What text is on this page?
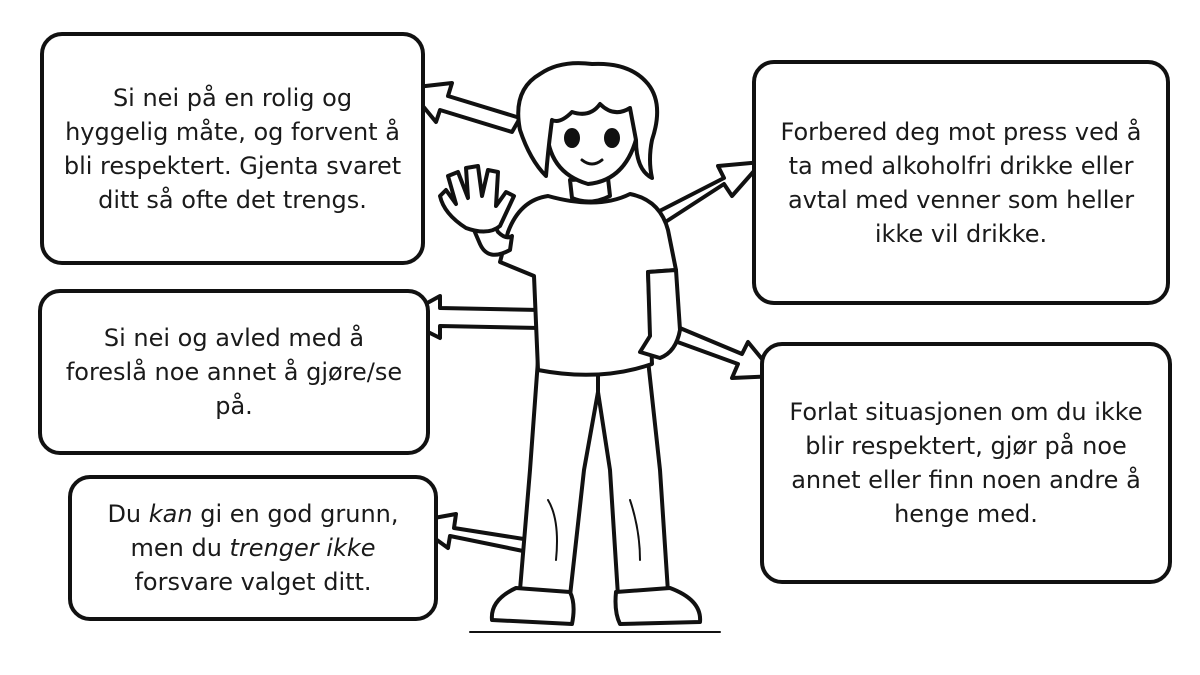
Si nei på en rolig og hyggelig måte, og forvent å bli respektert. Gjenta svaret ditt så ofte det trengs.

Si nei og avled med å foreslå noe annet å gjøre/se på.

Du kan gi en god grunn, men du trenger ikke forsvare valget ditt.

Forbered deg mot press ved å ta med alkoholfri drikke eller avtal med venner som heller ikke vil drikke.

Forlat situasjonen om du ikke blir respektert, gjør på noe annet eller finn noen andre å henge med.
